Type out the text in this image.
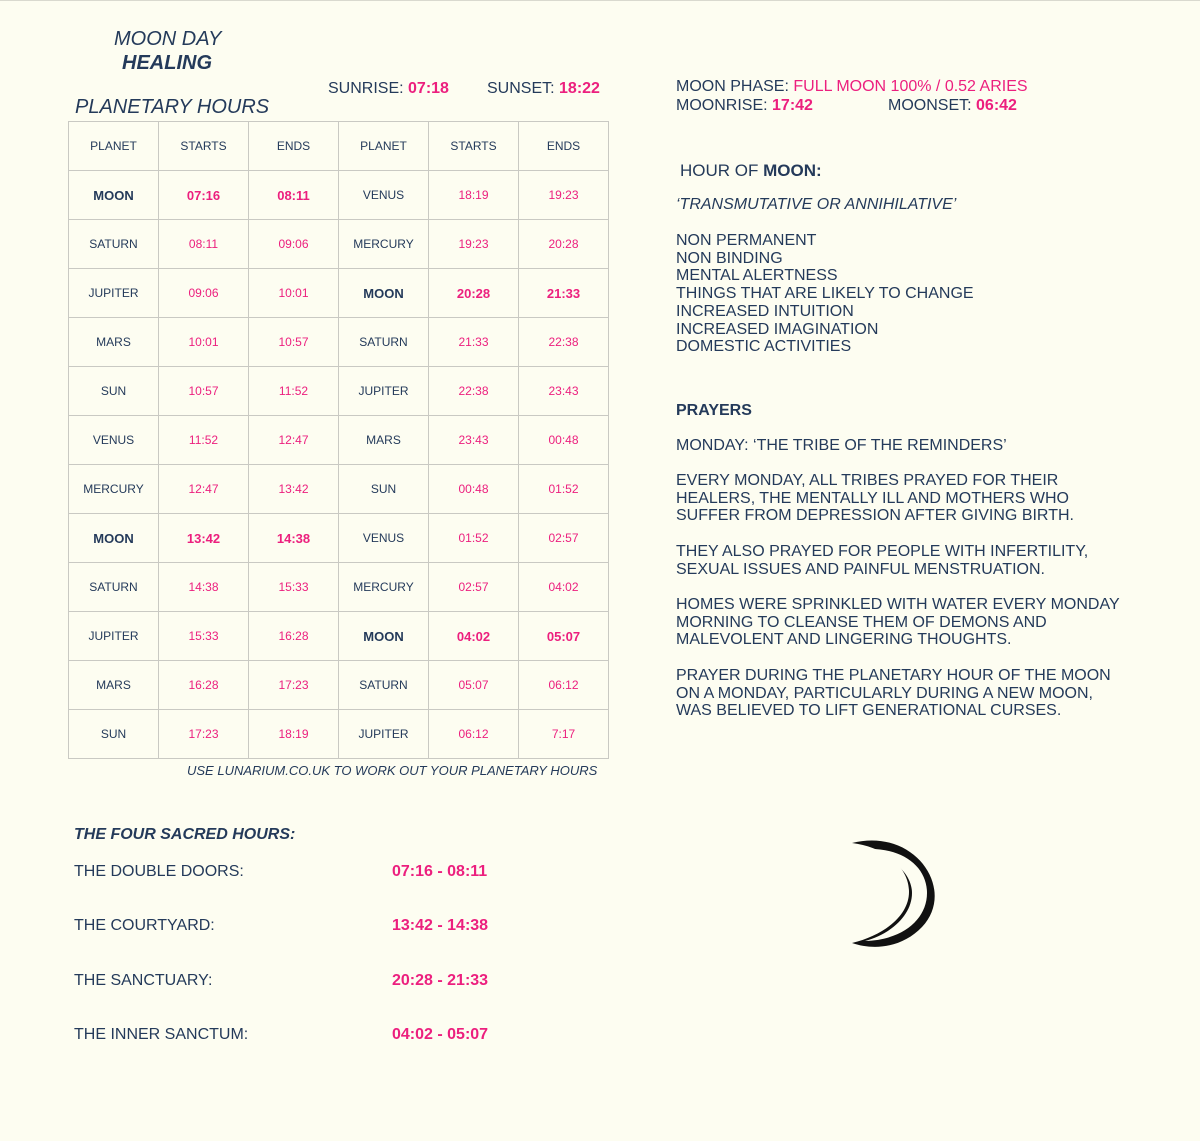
MOON DAY
HEALING
PLANETARY HOURS
SUNRISE: 07:18 SUNSET: 18:22
PLANET	STARTS	ENDS	PLANET	STARTS	ENDS
MOON	07:16	08:11	VENUS	18:19	19:23
SATURN	08:11	09:06	MERCURY	19:23	20:28
JUPITER	09:06	10:01	MOON	20:28	21:33
MARS	10:01	10:57	SATURN	21:33	22:38
SUN	10:57	11:52	JUPITER	22:38	23:43
VENUS	11:52	12:47	MARS	23:43	00:48
MERCURY	12:47	13:42	SUN	00:48	01:52
MOON	13:42	14:38	VENUS	01:52	02:57
SATURN	14:38	15:33	MERCURY	02:57	04:02
JUPITER	15:33	16:28	MOON	04:02	05:07
MARS	16:28	17:23	SATURN	05:07	06:12
SUN	17:23	18:19	JUPITER	06:12	7:17
USE LUNARIUM.CO.UK TO WORK OUT YOUR PLANETARY HOURS
THE FOUR SACRED HOURS:
THE DOUBLE DOORS:	07:16 - 08:11
THE COURTYARD:	13:42 - 14:38
THE SANCTUARY:	20:28 - 21:33
THE INNER SANCTUM:	04:02 - 05:07
MOON PHASE: FULL MOON 100% / 0.52 ARIES
MOONRISE: 17:42	MOONSET: 06:42
HOUR OF MOON:
‘TRANSMUTATIVE OR ANNIHILATIVE’
NON PERMANENT
NON BINDING
MENTAL ALERTNESS
THINGS THAT ARE LIKELY TO CHANGE
INCREASED INTUITION
INCREASED IMAGINATION
DOMESTIC ACTIVITIES
PRAYERS
MONDAY: ‘THE TRIBE OF THE REMINDERS’
EVERY MONDAY, ALL TRIBES PRAYED FOR THEIR HEALERS, THE MENTALLY ILL AND MOTHERS WHO SUFFER FROM DEPRESSION AFTER GIVING BIRTH.
THEY ALSO PRAYED FOR PEOPLE WITH INFERTILITY, SEXUAL ISSUES AND PAINFUL MENSTRUATION.
HOMES WERE SPRINKLED WITH WATER EVERY MONDAY MORNING TO CLEANSE THEM OF DEMONS AND MALEVOLENT AND LINGERING THOUGHTS.
PRAYER DURING THE PLANETARY HOUR OF THE MOON ON A MONDAY, PARTICULARLY DURING A NEW MOON, WAS BELIEVED TO LIFT GENERATIONAL CURSES.
